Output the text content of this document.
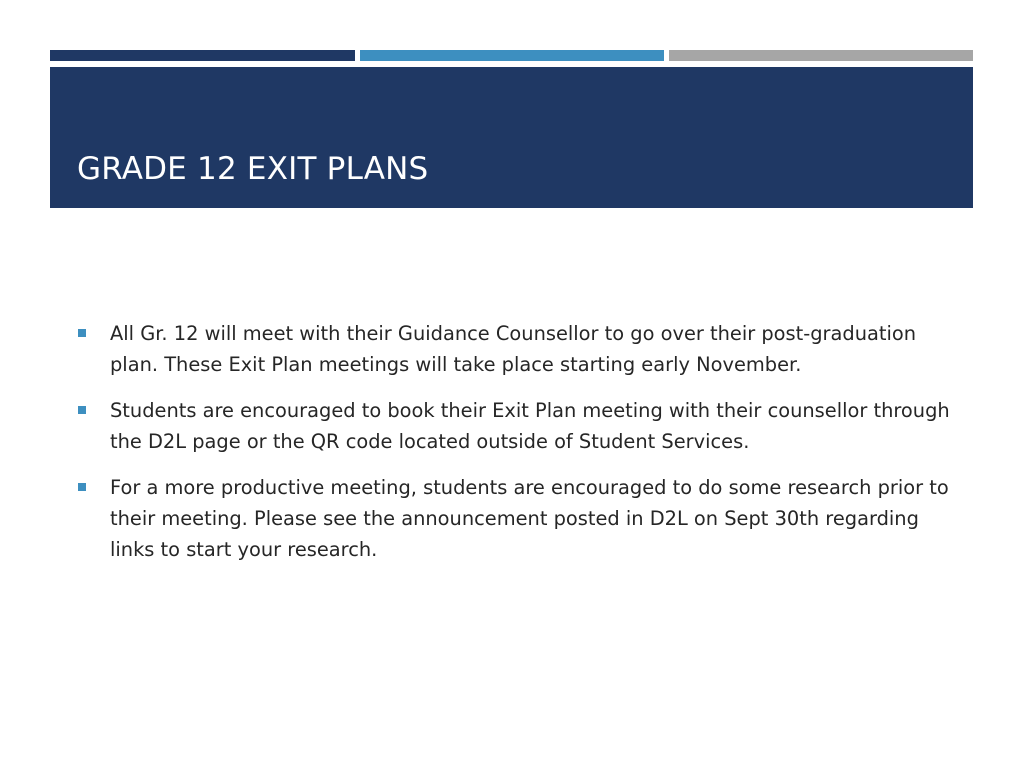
GRADE 12 EXIT PLANS
All Gr. 12 will meet with their Guidance Counsellor to go over their post-graduation plan. These Exit Plan meetings will take place starting early November.
Students are encouraged to book their Exit Plan meeting with their counsellor through the D2L page or the QR code located outside of Student Services.
For a more productive meeting, students are encouraged to do some research prior to their meeting. Please see the announcement posted in D2L on Sept 30th regarding links to start your research.
